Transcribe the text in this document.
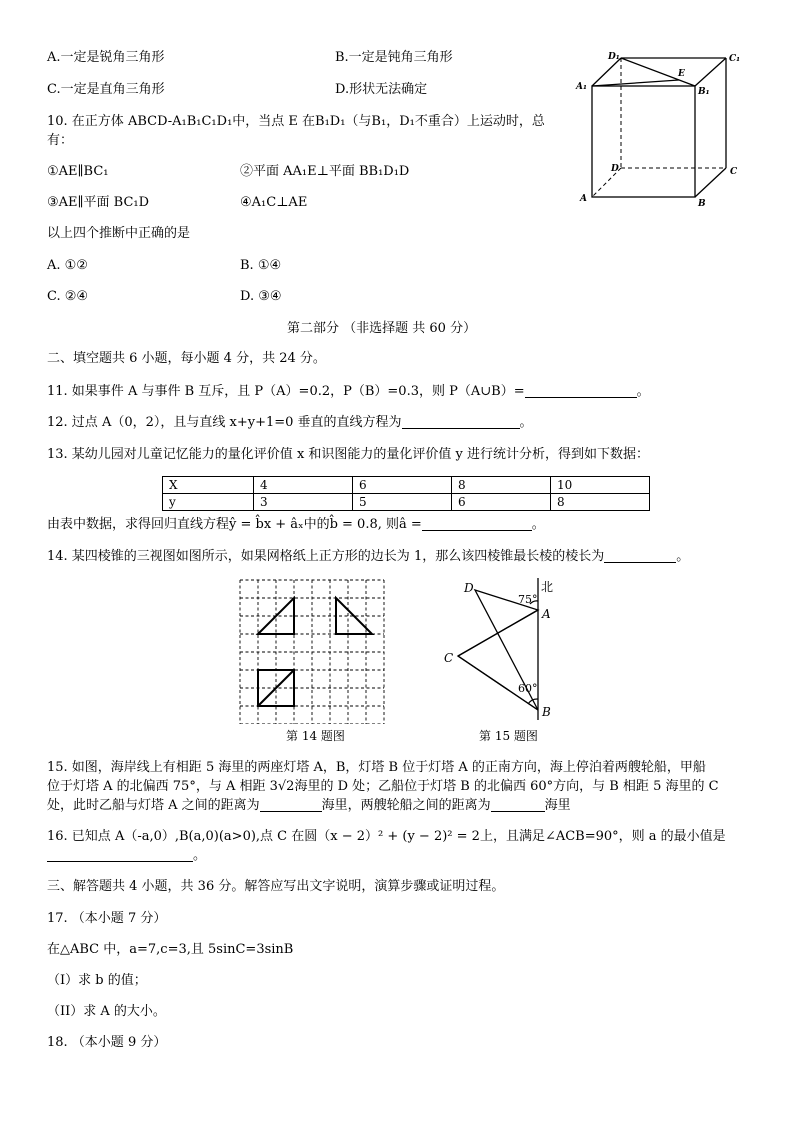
A.一定是锐角三角形	B.一定是钝角三角形
C.一定是直角三角形	D.形状无法确定
10. 在正方体 ABCD-A₁B₁C₁D₁中，当点 E 在B₁D₁（与B₁，D₁不重合）上运动时，总
有：
①AE∥BC₁	②平面 AA₁E⊥平面 BB₁D₁D
③AE∥平面 BC₁D	④A₁C⊥AE
以上四个推断中正确的是
A. ①②	B. ①④
C. ②④	D. ③④
D₁	C₁
A₁	B₁
E
D	C
A	B
第二部分 （非选择题 共 60 分）
二、填空题共 6 小题，每小题 4 分，共 24 分。
11. 如果事件 A 与事件 B 互斥，且 P（A）=0.2，P（B）=0.3，则 P（A∪B）=	。
12. 过点 A（0，2），且与直线 x+y+1=0 垂直的直线方程为	。
13. 某幼儿园对儿童记忆能力的量化评价值 x 和识图能力的量化评价值 y 进行统计分析，得到如下数据：
X	4	6	8	10
y	3	5	6	8
由表中数据，求得回归直线方程ŷ = b̂x + âₓ中的b̂ = 0.8, 则â =	。
14. 某四棱锥的三视图如图所示，如果网格纸上正方形的边长为 1，那么该四棱锥最长棱的棱长为	。
第 14 题图
北
D
A
C
B
75°
60°
第 15 题图
15. 如图，海岸线上有相距 5 海里的两座灯塔 A，B，灯塔 B 位于灯塔 A 的正南方向，海上停泊着两艘轮船，甲船
位于灯塔 A 的北偏西 75°，与 A 相距 3√2海里的 D 处；乙船位于灯塔 B 的北偏西 60°方向，与 B 相距 5 海里的 C
处，此时乙船与灯塔 A 之间的距离为	海里，两艘轮船之间的距离为	海里
16. 已知点 A（-a,0）,B(a,0)(a>0),点 C 在圆（x − 2）² + (y − 2)² = 2上，且满足∠ACB=90°，则 a 的最小值是
。
三、解答题共 4 小题，共 36 分。解答应写出文字说明，演算步骤或证明过程。
17. （本小题 7 分）
在△ABC 中，a=7,c=3,且 5sinC=3sinB
（I）求 b 的值；
（II）求 A 的大小。
18. （本小题 9 分）
